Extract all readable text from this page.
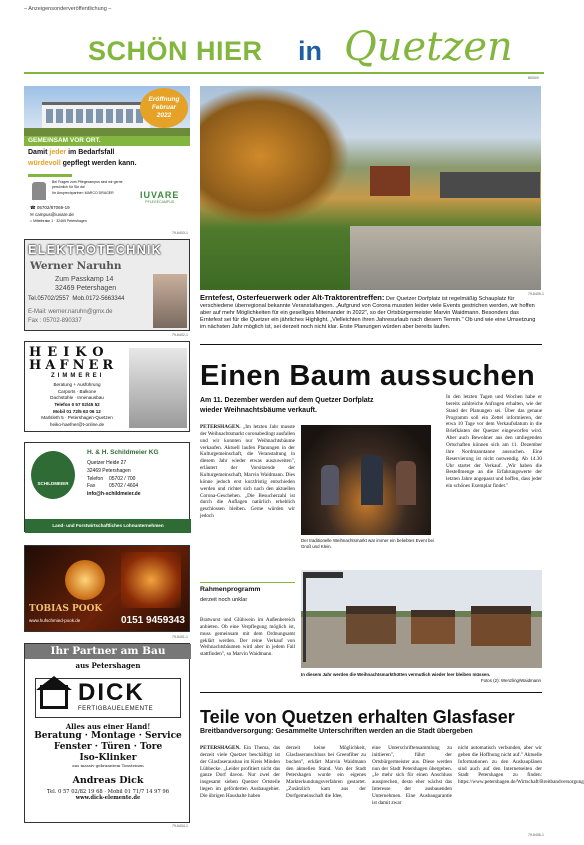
– Anzeigensonderveröffentlichung –
SCHÖN HIER in Quetzen
8000/0
Eröffnung
Februar
2022
GEMEINSAM VOR ORT.
Damit jeder im Bedarfsfall
würdevoll gepflegt werden kann.
Bei Fragen zum Pflegecampus sind wir gerne
persönlich für Sie da!
Ihr Ansprechpartner: MARCO DRAGER	IUVARE
PFLEGECAMPUS
☎ 05702/87069-19
✉ campus@iuvare.de
⌂ Mittelbrake 1 · 32469 Petershagen
79-6403-1
ELEKTROTECHNIK
Werner Naruhn
Zum Passkamp 14
32469 Petershagen
Tel.05702/2557 Mob.0172-5663344
E-Mail: werner.naruhn@gmx.de
Fax : 05702-890337
79-6402-1
HEIKO
HAFNER
ZIMMEREI
Beratung + Ausführung
Carports · Balkone
Dachstühle · Innenausbau
Telefon 0 57 02/45 52
Mobil 01 72/5 63 06 12
Marlsleth 5 · Petershagen-Quetzen
heiko-haefner@t-online.de
SCHILDMEIER
H. & H. Schildmeier KG
Quetzer Heide 27
32469 Petershagen
Telefon 05702 / 700
Fax	05702 / 4604
info@h-schildmeier.de
Land- und Forstwirtschaftliches Lohnunternehmen
TOBIAS POOK
www.hufschmied-pook.de	0151 9459343
79-6401-1
Ihr Partner am Bau
aus Petershagen
DICK
FERTIGBAUELEMENTE
Alles aus einer Hand!
Beratung · Montage · Service
Fenster · Türen · Tore
Iso-Klinker
aus massiv gebranntem Tonsteinen
Andreas Dick
Tel. 0 57 02/82 19 68 · Mobil 01 71/7 14 97 96
www.dick-elemente.de
79-6404-1
79-6405-1
Erntefest, Osterfeuerwerk oder Alt-Traktorentreffen: Der Quetzer Dorfplatz ist regelmäßig Schauplatz für verschiedene überregional bekannte Veranstaltungen. „Aufgrund von Corona mussten leider viele Events gestrichen werden, wir hoffen aber auf mehr Möglichkeiten für ein geselliges Miteinander in 2022", so der Ortsbürgermeister Marvin Waidmann. Besonders das Erntefest sei für die Quetzer ein jährliches Highlight. „Vielleichten ihren Jahresurlaub nach diesem Termin." Ob und wie eine Umsetzung im nächsten Jahr möglich ist, sei derzeit noch nicht klar. Erste Planungen würden aber bereits laufen.
Einen Baum aussuchen
Am 11. Dezember werden auf dem Quetzer Dorfplatz wieder Weihnachtsbäume verkauft.
PETERSHAGEN. „Im letzten Jahr musste der Weihnachtsmarkt coronabedingt ausfallen und wir konnten nur Weihnachtsbäume verkaufen. Aktuell laufen Planungen in der Kulturgemeinschaft, die Veranstaltung in diesem Jahr wieder etwas auszuweiten", erläutert der Vorsitzende der Kulturgemeinschaft, Marvin Waidmann. Dies könne jedoch erst kurzfristig entschieden werden und richtet sich nach den aktuellen Corona-Geschehen. „Die Besucherzahl ist durch die Auflagen natürlich erheblich geschlossen bleiben. Gerne würden wir jedoch
Rahmenprogramm
derzeit noch unklar
Bratwurst und Glühwein im Außenbereich anbieten. Ob eine Verpflegung möglich ist, muss gemeinsam mit dem Ordnungsamt geklärt werden. Der reine Verkauf von Weihnachtsbäumen wird aber in jedem Fall stattfinden", so Marvin Waidmann.
Der traditionelle Weihnachtsmarkt war immer ein beliebtes Event bei Groß und Klein.
In den letzten Tagen und Wochen habe er bereits zahlreiche Anfragen erhalten, wie der Stand der Planungen sei. Über das genaue Programm soll ein Zettel informieren, der etwa 10 Tage vor dem Verkaufsdatum in die Briefkästen der Quetzer eingeworfen wird. Aber auch Bewohner aus den umliegenden Ortschaften können sich am 11. Dezember ihre Nordmanntanne aussuchen. Eine Reservierung ist nicht notwendig. Ab 14.30 Uhr startet der Verkauf. „Wir haben die Bestellmenge an die Erfahrungswerte der letzten Jahre angepasst und hoffen, dass jeder ein schönes Exemplar findet."
In diesem Jahr werden die Weihnachtsmarkthütten vermutlich wieder leer bleiben müssen.
Fotos (2): Wenzling/Waidmann
Teile von Quetzen erhalten Glasfaser
Breitbandversorgung: Gesammelte Unterschriften werden an die Stadt übergeben
PETERSHAGEN. Ein Thema, das derzeit viele Quetzer beschäftigt ist der Glasfaserausbau im Kreis Minden Lübbecke. „Leider profitiert nicht das ganze Dorf davon. Nur zwei der insgesamt sieben Quetzer Ortsteile liegen im geförderten Ausbaugebiet. Die übrigen Haushalte haben
derzeit keine Möglichkeit, Glasfaseranschluss bei Greenfiber zu buchen", erklärt Marvin Waidmann den aktuellen Stand. Von der Stadt Petershagen wurde ein eigenes Markterkundungsverfahren gestartet. „Zusätzlich kam aus der Dorfgemeinschaft die Idee,
eine Unterschriftensammlung zu initiieren", führt der Ortsbürgermeister aus. Diese werden nun der Stadt Petershagen übergeben. „Je mehr sich für einen Anschluss aussprechen, desto eher wächst das Interesse der ausbauenden Unternehmen. Eine Ausbaugarantie ist damit zwar
nicht automatisch verbunden, aber wir geben die Hoffnung nicht auf." Aktuelle Informationen zu den Ausbauplänen sind auch auf den Internetseiten der Stadt Petershagen zu finden: https://www.petershagen.de/Wirtschaft/Breitbandversorgung
79-6406-1
